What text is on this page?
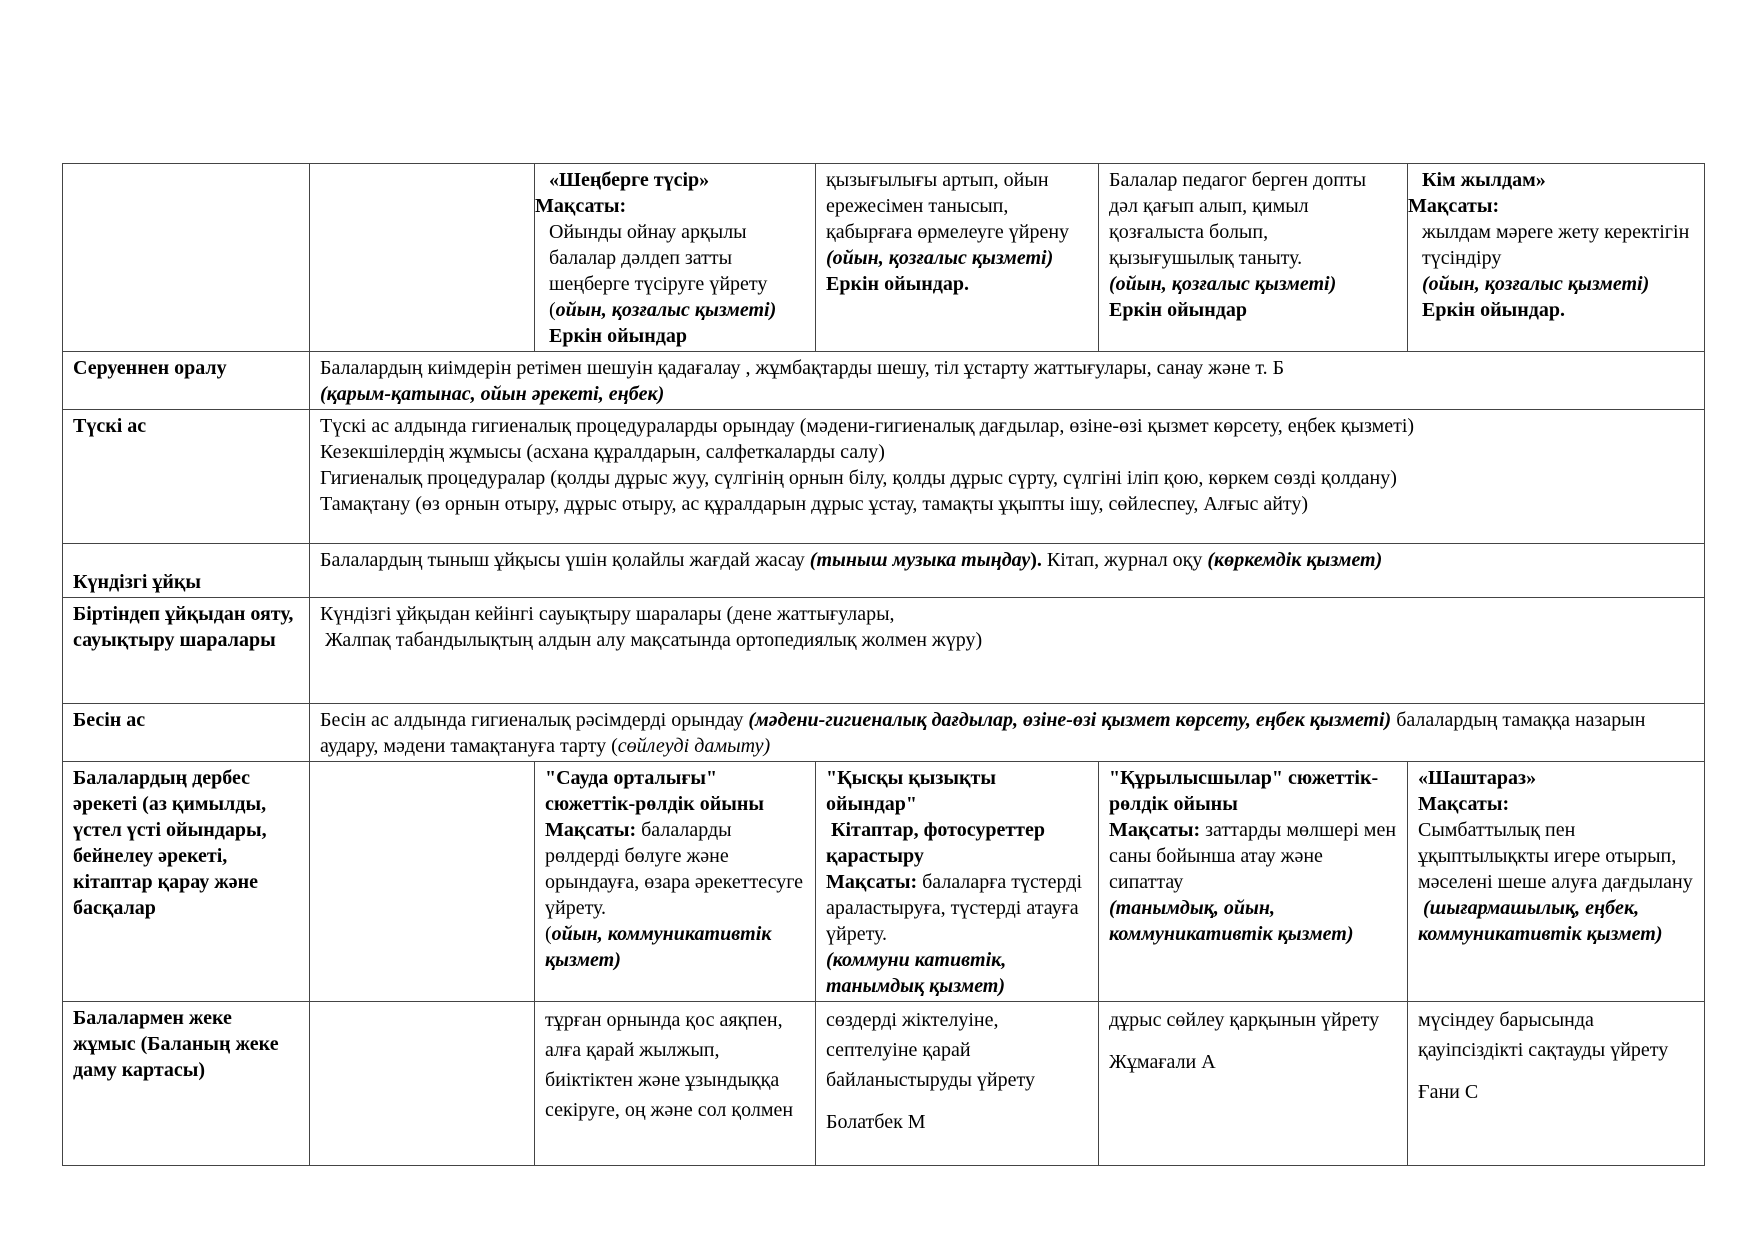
		«Шеңберге түсір»
Мақсаты:
Ойынды ойнау арқылы балалар дәлдеп затты шеңберге түсіруге үйрету
(ойын, қозғалыс қызметі)
Еркін ойындар	қызығылығы артып, ойын ережесімен танысып, қабырғаға өрмелеуге үйрену
(ойын, қозғалыс қызметі)
Еркін ойындар.	Балалар педагог берген допты дәл қағып алып, қимыл қозғалыста болып, қызығушылық таныту.
(ойын, қозғалыс қызметі)
Еркін ойындар	Кім жылдам»
Мақсаты:
жылдам мәреге жету керектігін түсіндіру
(ойын, қозғалыс қызметі)
Еркін ойындар.

Серуеннен оралу	Балалардың киімдерін ретімен шешуін қадағалау , жұмбақтарды шешу, тіл ұстарту жаттығулары, санау және т. Б
(қарым-қатынас, ойын әрекеті, еңбек)				

Түскі ас	Түскі ас алдында гигиеналық процедураларды орындау (мәдени-гигиеналық дағдылар, өзіне-өзі қызмет көрсету, еңбек қызметі)
Кезекшілердің жұмысы (асхана құралдарын, салфеткаларды салу)
Гигиеналық процедуралар (қолды дұрыс жуу, сүлгінің орнын білу, қолды дұрыс сүрту, сүлгіні іліп қою, көркем сөзді қолдану)
Тамақтану (өз орнын отыру, дұрыс отыру, ас құралдарын дұрыс ұстау, тамақты ұқыпты ішу, сөйлеспеу, Алғыс айту)				

Күндізгі ұйқы	Балалардың тыныш ұйқысы үшін қолайлы жағдай жасау (тыныш музыка тыңдау). Кітап, журнал оқу (көркемдік қызмет)				
Біртіндеп ұйқыдан ояту, сауықтыру шаралары	Күндізгі ұйқыдан кейінгі сауықтыру шаралары (дене жаттығулары,
Жалпақ табандылықтың алдын алу мақсатында ортопедиялық жолмен жүру)				

Бесін ас	Бесін ас алдында гигиеналық рәсімдерді орындау (мәдени-гигиеналық дағдылар, өзіне-өзі қызмет көрсету, еңбек қызметі) балалардың тамаққа назарын аудару, мәдени тамақтануға тарту (сөйлеуді дамыту)				
Балалардың дербес әрекеті (аз қимылды, үстел үсті ойындары, бейнелеу әрекеті, кітаптар қарау және басқалар		"Сауда орталығы" сюжеттік-рөлдік ойыны
Мақсаты: балаларды рөлдерді бөлуге және орындауға, өзара әрекеттесуге үйрету.
(ойын, коммуникативтік қызмет)	"Қысқы қызықты ойындар"
Кітаптар, фотосуреттер қарастыру
Мақсаты: балаларға түстерді араластыруға, түстерді атауға үйрету.
(коммуни кативтік, танымдық қызмет)	"Құрылысшылар" сюжеттік-рөлдік ойыны
Мақсаты: заттарды мөлшері мен саны бойынша атау және сипаттау
(танымдық, ойын, коммуникативтік қызмет)	«Шаштараз»
Мақсаты:
Сымбаттылық пен ұқыптылықкты игере отырып, мәселені шеше алуға дағдылану
(шығармашылық, еңбек, коммуникативтік қызмет)

Балалармен жеке жұмыс (Баланың жеке даму картасы)		тұрған орнында қос аяқпен, алға қарай жылжып, биіктіктен және ұзындыққа секіруге, оң және сол қолмен	сөздерді жіктелуіне, септелуіне қарай байланыстыруды үйрету
Болатбек М	дұрыс сөйлеу қарқынын үйрету
Жұмағали А	мүсіндеу барысында қауіпсіздікті сақтауды үйрету
Ғани С
